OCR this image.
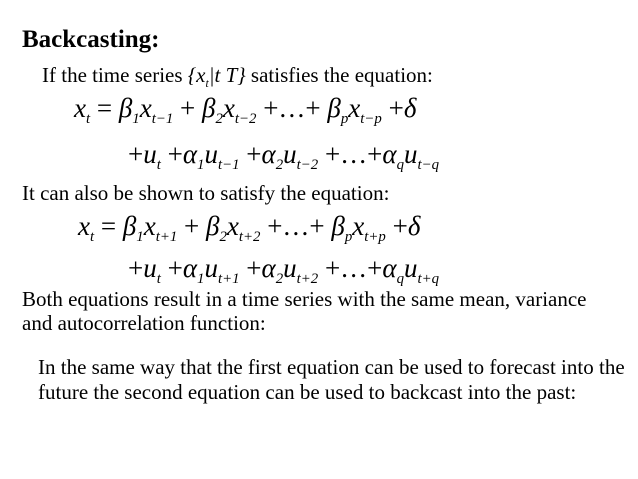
Backcasting:
If the time series {$x_t|t$ T} satisfies the equation:
$x_t = \beta_1x_{t-1} + \beta_2x_{t-2}$ +…+ $\beta_px_{t-p} +\delta$
$+u_t +\alpha_1u_{t-1} +\alpha_2u_{t-2}$ $+\dots+\alpha_qu_{t-q}$
It can also be shown to satisfy the equation:
$x_t = \beta_1x_{t+1} + \beta_2x_{t+2}$ +…+ $\beta_px_{t+p} +\delta$
$+u_t +\alpha_1u_{t+1} +\alpha_2u_{t+2}$ $+\dots+\alpha_qu_{t+q}$
Both equations result in a time series with the same mean, variance and autocorrelation function:
In the same way that the first equation can be used to forecast into the future the second equation can be used to backcast into the past:
